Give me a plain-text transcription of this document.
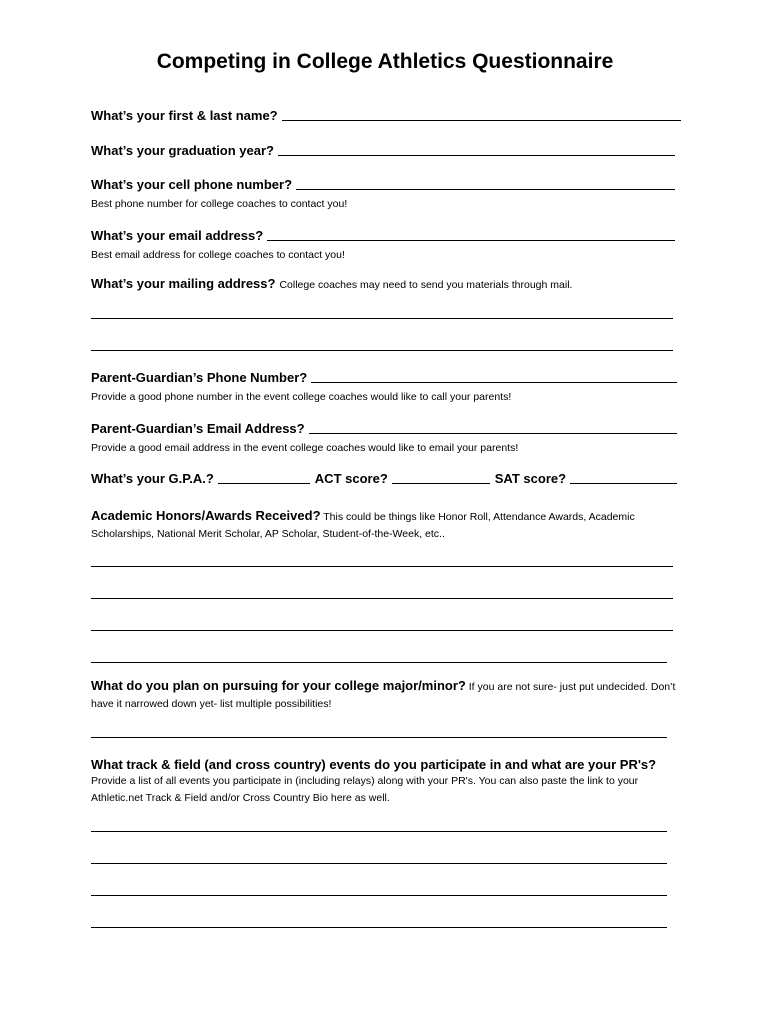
Competing in College Athletics Questionnaire
What’s your first & last name?
What’s your graduation year?
What’s your cell phone number?
Best phone number for college coaches to contact you!
What’s your email address?
Best email address for college coaches to contact you!
What’s your mailing address? College coaches may need to send you materials through mail.
Parent-Guardian’s Phone Number?
Provide a good phone number in the event college coaches would like to call your parents!
Parent-Guardian’s Email Address?
Provide a good email address in the event college coaches would like to email your parents!
What’s your G.P.A.?	ACT score?	SAT score?
Academic Honors/Awards Received? This could be things like Honor Roll, Attendance Awards, Academic Scholarships, National Merit Scholar, AP Scholar, Student-of-the-Week, etc..
What do you plan on pursuing for your college major/minor? If you are not sure- just put undecided. Don’t have it narrowed down yet- list multiple possibilities!
What track & field (and cross country) events do you participate in and what are your PR's?
Provide a list of all events you participate in (including relays) along with your PR's. You can also paste the link to your Athletic.net Track & Field and/or Cross Country Bio here as well.
